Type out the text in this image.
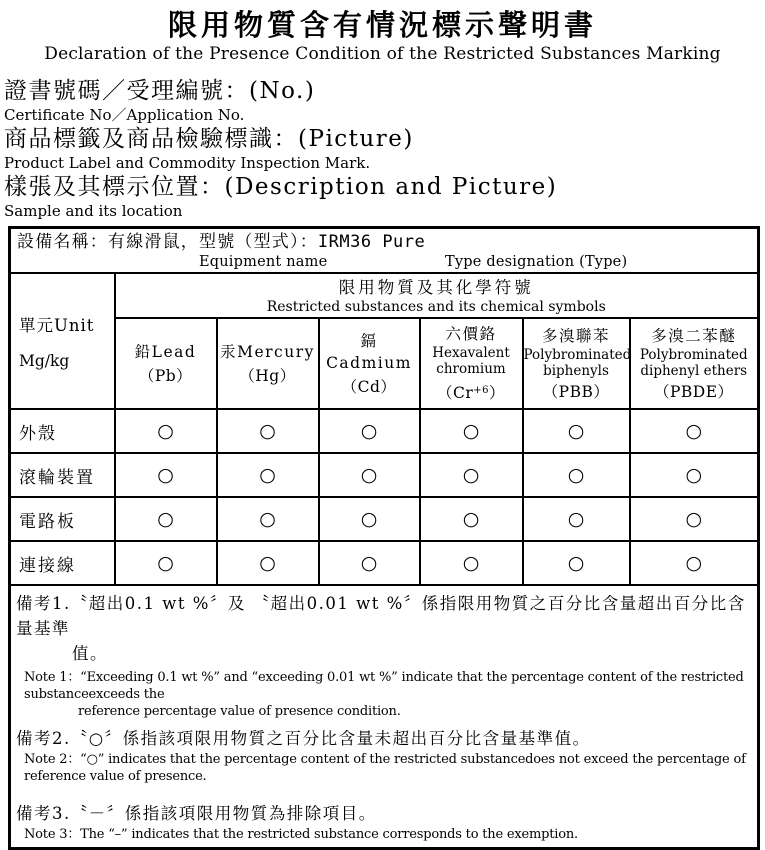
限用物質含有情況標示聲明書
Declaration of the Presence Condition of the Restricted Substances Marking
證書號碼／受理編號：(No.)
Certificate No／Application No.
商品標籤及商品檢驗標識：(Picture)
Product Label and Commodity Inspection Mark.
樣張及其標示位置：(Description and Picture)
Sample and its location
設備名稱：有線滑鼠，型號（型式）：IRM36 Pure
Equipment name Type designation (Type)						

單元Unit
Mg/kg

限用物質及其化學符號
Restricted substances and its chemical symbols

鉛Lead
（Pb）

汞Mercury
（Hg）

鎘Cadmium
（Cd）

六價鉻
Hexavalent
chromium
$(Cr^{+6})$

多溴聯苯
Polybrominated
biphenyls
（PBB）

多溴二苯醚
Polybrominated
diphenyl ethers
（PBDE）

外殼	○	○	○	○	○	○
滾輪裝置	○	○	○	○	○	○
電路板	○	○	○	○	○	○
連接線	○	○	○	○	○	○

備考1.〝超出0.1 wt %〞及 〝超出0.01 wt %〞係指限用物質之百分比含量超出百分比含量基準
值。
Note 1：“Exceeding 0.1 wt %” and “exceeding 0.01 wt %” indicate that the percentage content of the restricted substanceexceeds the
reference percentage value of presence condition.
備考2.〝○〞係指該項限用物質之百分比含量未超出百分比含量基準值。
Note 2：“○” indicates that the percentage content of the restricted substancedoes not exceed the percentage of reference value of presence.
備考3.〝－〞係指該項限用物質為排除項目。
Note 3：The “–” indicates that the restricted substance corresponds to the exemption.
